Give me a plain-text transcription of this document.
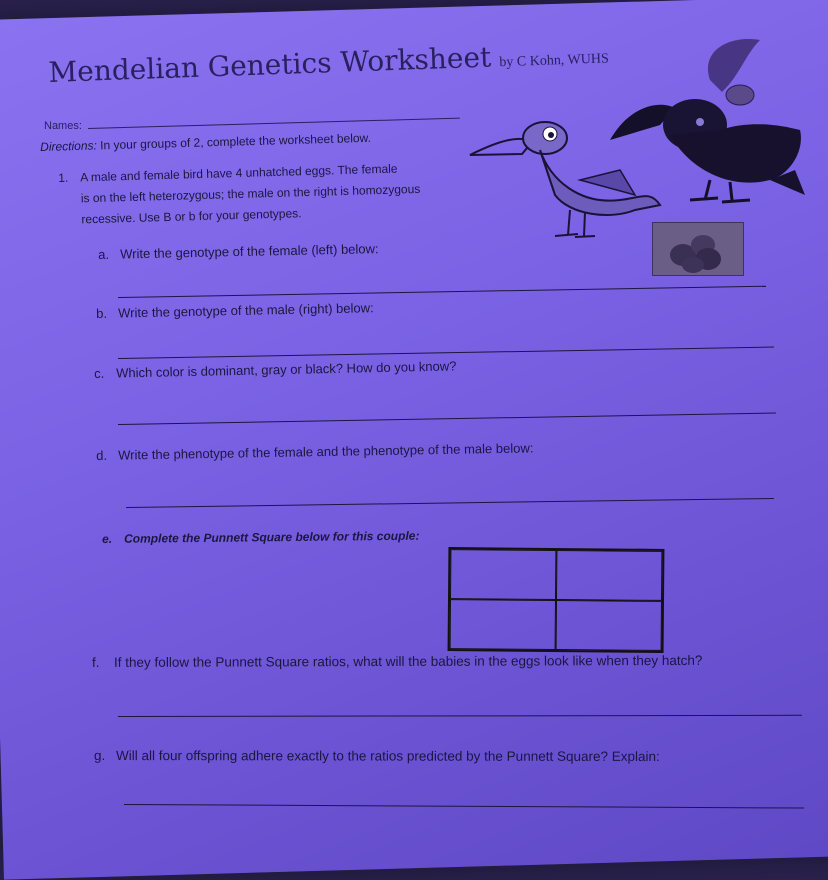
Mendelian Genetics Worksheet by C Kohn, WUHS
Names:
Directions: In your groups of 2, complete the worksheet below.
1. A male and female bird have 4 unhatched eggs. The female
is on the left heterozygous; the male on the right is homozygous
recessive. Use B or b for your genotypes.
a. Write the genotype of the female (left) below:
b. Write the genotype of the male (right) below:
c. Which color is dominant, gray or black? How do you know?
d. Write the phenotype of the female and the phenotype of the male below:
e. Complete the Punnett Square below for this couple:
f. If they follow the Punnett Square ratios, what will the babies in the eggs look like when they hatch?
g. Will all four offspring adhere exactly to the ratios predicted by the Punnett Square? Explain:
